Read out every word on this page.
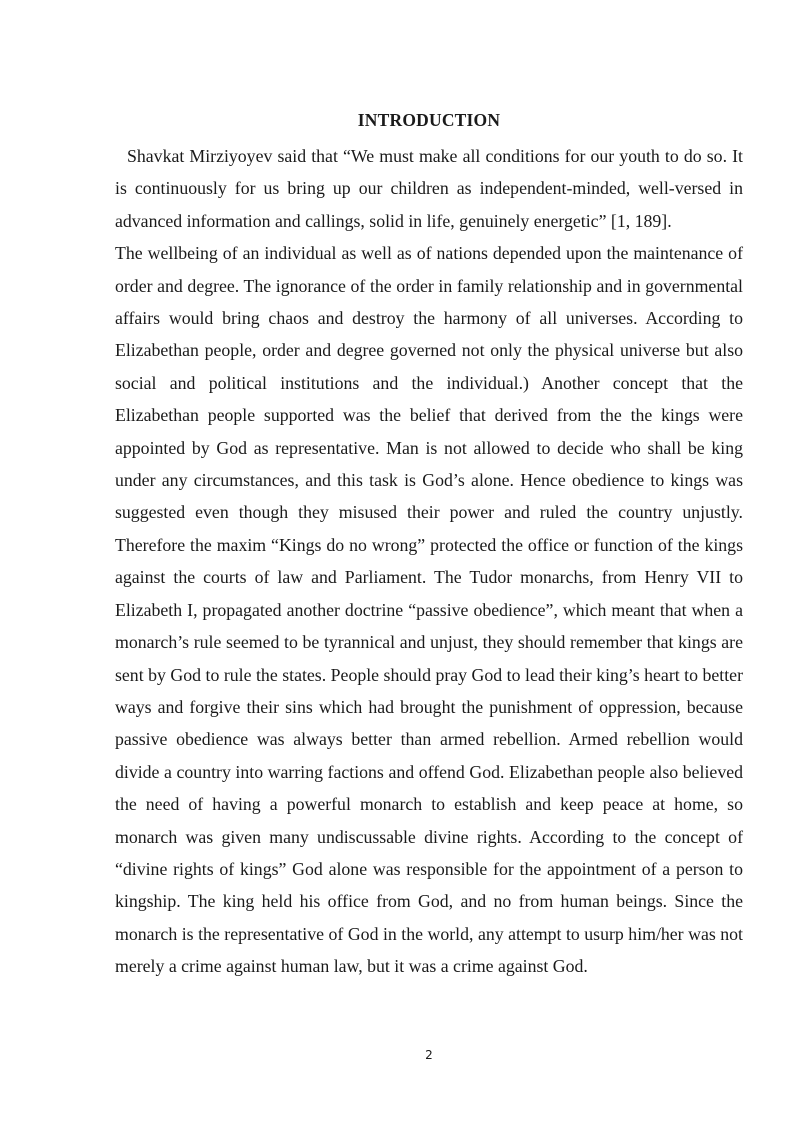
INTRODUCTION

Shavkat Mirziyoyev said that “We must make all conditions for our youth to do so. It is continuously for us bring up our children as independent-minded, well-versed in advanced information and callings, solid in life, genuinely energetic” [1, 189].

The wellbeing of an individual as well as of nations depended upon the maintenance of order and degree. The ignorance of the order in family relationship and in governmental affairs would bring chaos and destroy the harmony of all universes. According to Elizabethan people, order and degree governed not only the physical universe but also social and political institutions and the individual.) Another concept that the Elizabethan people supported was the belief that derived from the the kings were appointed by God as representative. Man is not allowed to decide who shall be king under any circumstances, and this task is God’s alone. Hence obedience to kings was suggested even though they misused their power and ruled the country unjustly. Therefore the maxim “Kings do no wrong” protected the office or function of the kings against the courts of law and Parliament. The Tudor monarchs, from Henry VII to Elizabeth I, propagated another doctrine “passive obedience”, which meant that when a monarch’s rule seemed to be tyrannical and unjust, they should remember that kings are sent by God to rule the states. People should pray God to lead their king’s heart to better ways and forgive their sins which had brought the punishment of oppression, because passive obedience was always better than armed rebellion. Armed rebellion would divide a country into warring factions and offend God. Elizabethan people also believed the need of having a powerful monarch to establish and keep peace at home, so monarch was given many undiscussable divine rights. According to the concept of “divine rights of kings” God alone was responsible for the appointment of a person to kingship. The king held his office from God, and no from human beings. Since the monarch is the representative of God in the world, any attempt to usurp him/her was not merely a crime against human law, but it was a crime against God.

2
